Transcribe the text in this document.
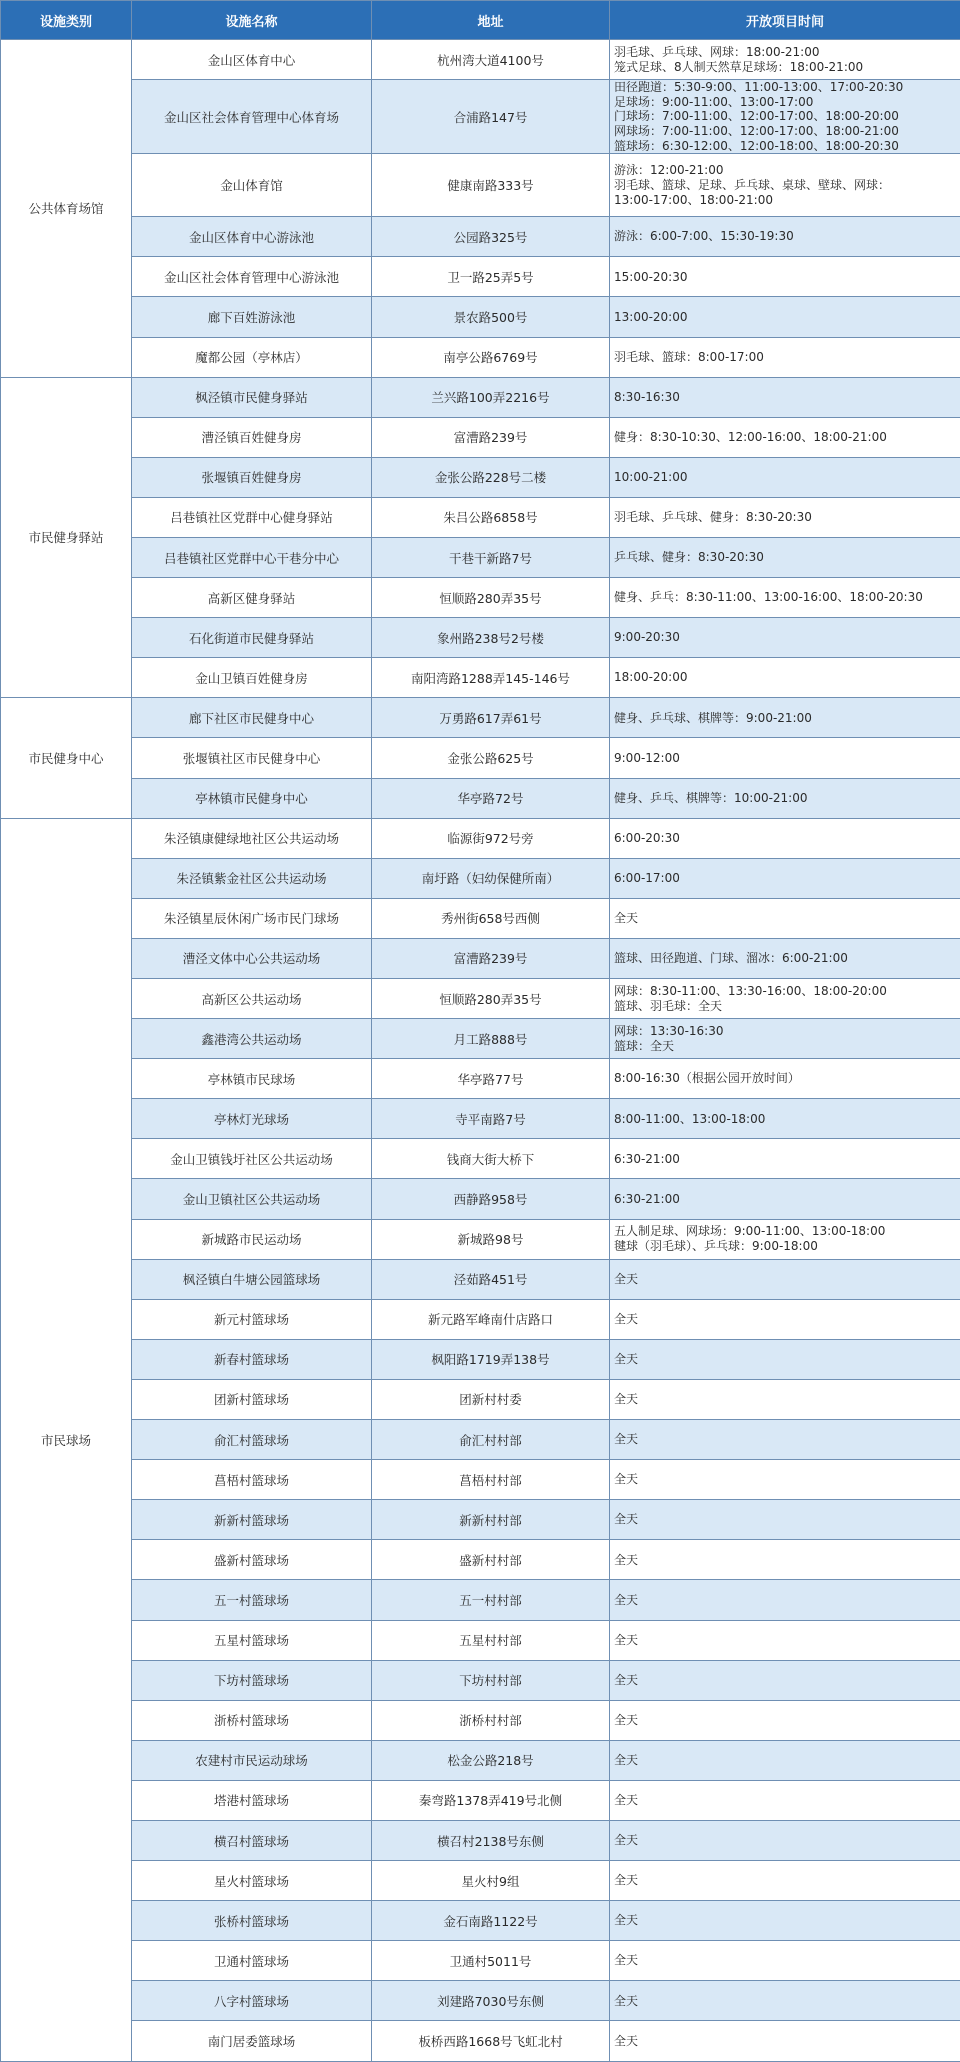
设施类别	设施名称	地址	开放项目时间
公共体育场馆	金山区体育中心	杭州湾大道4100号	羽毛球、乒乓球、网球：18:00-21:00
笼式足球、8人制天然草足球场：18:00-21:00
	金山区社会体育管理中心体育场	合浦路147号	田径跑道：5:30-9:00、11:00-13:00、17:00-20:30
足球场：9:00-11:00、13:00-17:00
门球场：7:00-11:00、12:00-17:00、18:00-20:00
网球场：7:00-11:00、12:00-17:00、18:00-21:00
篮球场：6:30-12:00、12:00-18:00、18:00-20:30
	金山体育馆	健康南路333号	游泳：12:00-21:00
羽毛球、篮球、足球、乒乓球、桌球、壁球、网球：
13:00-17:00、18:00-21:00
	金山区体育中心游泳池	公园路325号	游泳：6:00-7:00、15:30-19:30
	金山区社会体育管理中心游泳池	卫一路25弄5号	15:00-20:30
	廊下百姓游泳池	景农路500号	13:00-20:00
	魔都公园（亭林店）	南亭公路6769号	羽毛球、篮球：8:00-17:00
市民健身驿站	枫泾镇市民健身驿站	兰兴路100弄2216号	8:30-16:30
	漕泾镇百姓健身房	富漕路239号	健身：8:30-10:30、12:00-16:00、18:00-21:00
	张堰镇百姓健身房	金张公路228号二楼	10:00-21:00
	吕巷镇社区党群中心健身驿站	朱吕公路6858号	羽毛球、乒乓球、健身：8:30-20:30
	吕巷镇社区党群中心干巷分中心	干巷干新路7号	乒乓球、健身：8:30-20:30
	高新区健身驿站	恒顺路280弄35号	健身、乒乓：8:30-11:00、13:00-16:00、18:00-20:30
	石化街道市民健身驿站	象州路238号2号楼	9:00-20:30
	金山卫镇百姓健身房	南阳湾路1288弄145-146号	18:00-20:00
市民健身中心	廊下社区市民健身中心	万勇路617弄61号	健身、乒乓球、棋牌等：9:00-21:00
	张堰镇社区市民健身中心	金张公路625号	9:00-12:00
	亭林镇市民健身中心	华亭路72号	健身、乒乓、棋牌等：10:00-21:00
市民球场	朱泾镇康健绿地社区公共运动场	临源街972号旁	6:00-20:30
	朱泾镇紫金社区公共运动场	南圩路（妇幼保健所南）	6:00-17:00
	朱泾镇星辰休闲广场市民门球场	秀州街658号西侧	全天
	漕泾文体中心公共运动场	富漕路239号	篮球、田径跑道、门球、溜冰：6:00-21:00
	高新区公共运动场	恒顺路280弄35号	网球：8:30-11:00、13:30-16:00、18:00-20:00
篮球、羽毛球：全天
	鑫港湾公共运动场	月工路888号	网球：13:30-16:30
篮球：全天
	亭林镇市民球场	华亭路77号	8:00-16:30（根据公园开放时间）
	亭林灯光球场	寺平南路7号	8:00-11:00、13:00-18:00
	金山卫镇钱圩社区公共运动场	钱商大街大桥下	6:30-21:00
	金山卫镇社区公共运动场	西静路958号	6:30-21:00
	新城路市民运动场	新城路98号	五人制足球、网球场：9:00-11:00、13:00-18:00
毽球（羽毛球）、乒乓球：9:00-18:00
	枫泾镇白牛塘公园篮球场	泾茹路451号	全天
	新元村篮球场	新元路军峰南什店路口	全天
	新春村篮球场	枫阳路1719弄138号	全天
	团新村篮球场	团新村村委	全天
	俞汇村篮球场	俞汇村村部	全天
	菖梧村篮球场	菖梧村村部	全天
	新新村篮球场	新新村村部	全天
	盛新村篮球场	盛新村村部	全天
	五一村篮球场	五一村村部	全天
	五星村篮球场	五星村村部	全天
	下坊村篮球场	下坊村村部	全天
	浙桥村篮球场	浙桥村村部	全天
	农建村市民运动球场	松金公路218号	全天
	塔港村篮球场	秦弯路1378弄419号北侧	全天
	横召村篮球场	横召村2138号东侧	全天
	星火村篮球场	星火村9组	全天
	张桥村篮球场	金石南路1122号	全天
	卫通村篮球场	卫通村5011号	全天
	八字村篮球场	刘建路7030号东侧	全天
	南门居委篮球场	板桥西路1668号飞虹北村	全天
